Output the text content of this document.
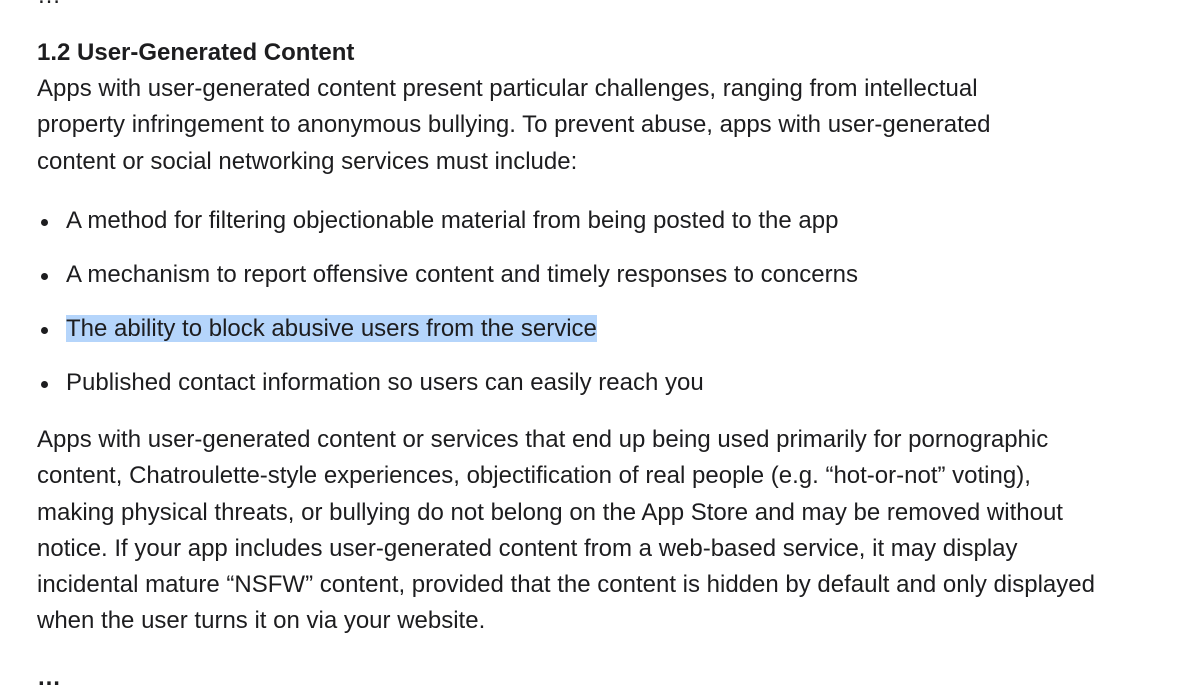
1.2 User-Generated Content

Apps with user-generated content present particular challenges, ranging from intellectual property infringement to anonymous bullying. To prevent abuse, apps with user-generated content or social networking services must include:

A method for filtering objectionable material from being posted to the app
A mechanism to report offensive content and timely responses to concerns
The ability to block abusive users from the service
Published contact information so users can easily reach you

Apps with user-generated content or services that end up being used primarily for pornographic content, Chatroulette-style experiences, objectification of real people (e.g. “hot-or-not” voting), making physical threats, or bullying do not belong on the App Store and may be removed without notice. If your app includes user-generated content from a web-based service, it may display incidental mature “NSFW” content, provided that the content is hidden by default and only displayed when the user turns it on via your website.

…
